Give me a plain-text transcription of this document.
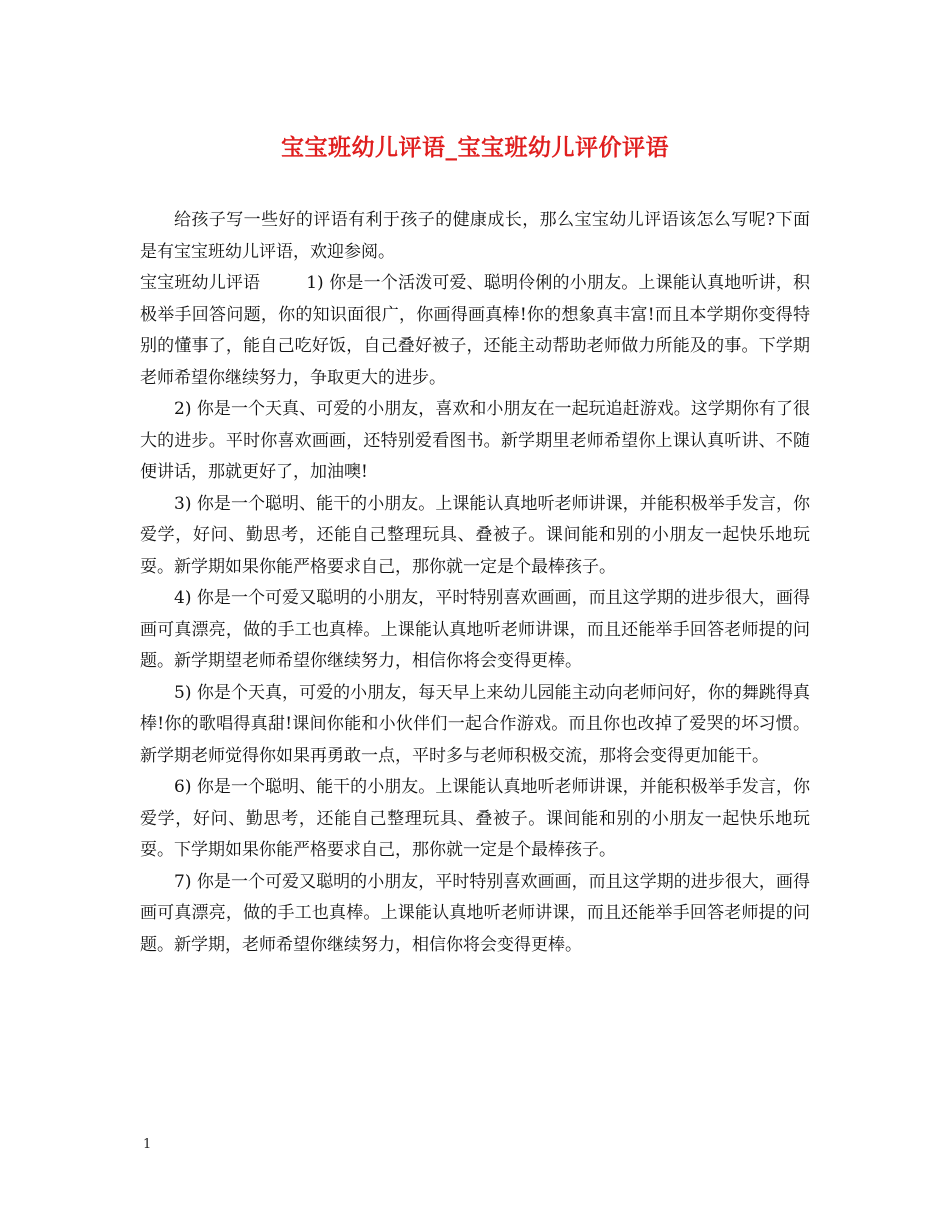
宝宝班幼儿评语_宝宝班幼儿评价评语

给孩子写一些好的评语有利于孩子的健康成长，那么宝宝幼儿评语该怎么写呢?下面是有宝宝班幼儿评语，欢迎参阅。

宝宝班幼儿评语	1) 你是一个活泼可爱、聪明伶俐的小朋友。上课能认真地听讲，积极举手回答问题，你的知识面很广，你画得画真棒!你的想象真丰富!而且本学期你变得特别的懂事了，能自己吃好饭，自己叠好被子，还能主动帮助老师做力所能及的事。下学期老师希望你继续努力，争取更大的进步。

2) 你是一个天真、可爱的小朋友，喜欢和小朋友在一起玩追赶游戏。这学期你有了很大的进步。平时你喜欢画画，还特别爱看图书。新学期里老师希望你上课认真听讲、不随便讲话，那就更好了，加油噢!

3) 你是一个聪明、能干的小朋友。上课能认真地听老师讲课，并能积极举手发言，你爱学，好问、勤思考，还能自己整理玩具、叠被子。课间能和别的小朋友一起快乐地玩耍。新学期如果你能严格要求自己，那你就一定是个最棒孩子。

4) 你是一个可爱又聪明的小朋友，平时特别喜欢画画，而且这学期的进步很大，画得画可真漂亮，做的手工也真棒。上课能认真地听老师讲课，而且还能举手回答老师提的问题。新学期望老师希望你继续努力，相信你将会变得更棒。

5) 你是个天真，可爱的小朋友，每天早上来幼儿园能主动向老师问好，你的舞跳得真棒!你的歌唱得真甜!课间你能和小伙伴们一起合作游戏。而且你也改掉了爱哭的坏习惯。新学期老师觉得你如果再勇敢一点，平时多与老师积极交流，那将会变得更加能干。

6) 你是一个聪明、能干的小朋友。上课能认真地听老师讲课，并能积极举手发言，你爱学，好问、勤思考，还能自己整理玩具、叠被子。课间能和别的小朋友一起快乐地玩耍。下学期如果你能严格要求自己，那你就一定是个最棒孩子。

7) 你是一个可爱又聪明的小朋友，平时特别喜欢画画，而且这学期的进步很大，画得画可真漂亮，做的手工也真棒。上课能认真地听老师讲课，而且还能举手回答老师提的问题。新学期，老师希望你继续努力，相信你将会变得更棒。

1
